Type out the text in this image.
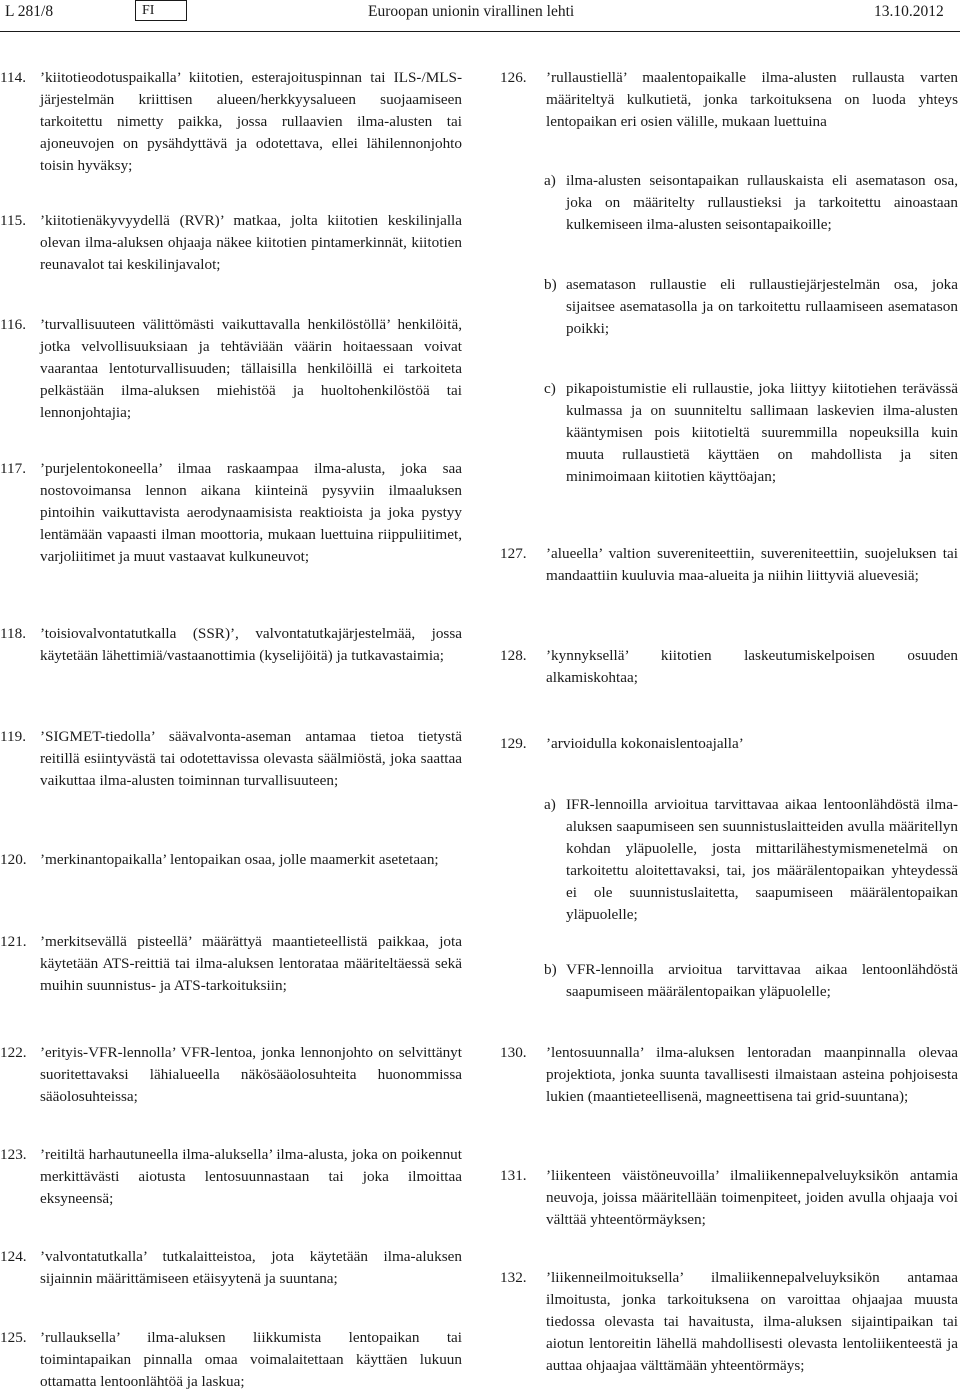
L 281/8	FI	Euroopan unionin virallinen lehti	13.10.2012
114. ’kiitotieodotuspaikalla’ kiitotien, esterajoituspinnan tai ILS-/MLS-järjestelmän kriittisen alueen/herkkyysalueen suojaamiseen tarkoitettu nimetty paikka, jossa rullaavien ilma-alusten tai ajoneuvojen on pysähdyttävä ja odotettava, ellei lähilennonjohto toisin hyväksy;
115. ’kiitotienäkyvyydellä (RVR)’ matkaa, jolta kiitotien keskilinjalla olevan ilma-aluksen ohjaaja näkee kiitotien pintamerkinnät, kiitotien reunavalot tai keskilinjavalot;
116. ’turvallisuuteen välittömästi vaikuttavalla henkilöstöllä’ henkilöitä, jotka velvollisuuksiaan ja tehtäviään väärin hoitaessaan voivat vaarantaa lentoturvallisuuden; tällaisilla henkilöillä ei tarkoiteta pelkästään ilma-aluksen miehistöä ja huoltohenkilöstöä tai lennonjohtajia;
117. ’purjelentokoneella’ ilmaa raskaampaa ilma-alusta, joka saa nostovoimansa lennon aikana kiinteinä pysyviin ilmaaluksen pintoihin vaikuttavista aerodynaamisista reaktioista ja joka pystyy lentämään vapaasti ilman moottoria, mukaan luettuina riippuliitimet, varjoliitimet ja muut vastaavat kulkuneuvot;
118. ’toisiovalvontatutkalla (SSR)’, valvontatutkajärjestelmää, jossa käytetään lähettimiä/vastaanottimia (kyselijöitä) ja tutkavastaimia;
119. ’SIGMET-tiedolla’ säävalvonta-aseman antamaa tietoa tietystä reitillä esiintyvästä tai odotettavissa olevasta säälmiöstä, joka saattaa vaikuttaa ilma-alusten toiminnan turvallisuuteen;
120. ’merkinantopaikalla’ lentopaikan osaa, jolle maamerkit asetetaan;
121. ’merkitsevällä pisteellä’ määrättyä maantieteellistä paikkaa, jota käytetään ATS-reittiä tai ilma-aluksen lentorataa määriteltäessä sekä muihin suunnistus- ja ATS-tarkoituksiin;
122. ’erityis-VFR-lennolla’ VFR-lentoa, jonka lennonjohto on selvittänyt suoritettavaksi lähialueella näkösääolosuhteita huonommissa sääolosuhteissa;
123. ’reitiltä harhautuneella ilma-aluksella’ ilma-alusta, joka on poikennut merkittävästi aiotusta lentosuunnastaan tai joka ilmoittaa eksyneensä;
124. ’valvontatutkalla’ tutkalaitteistoa, jota käytetään ilma-aluksen sijainnin määrittämiseen etäisyytenä ja suuntana;
125. ’rullauksella’ ilma-aluksen liikkumista lentopaikan tai toimintapaikan pinnalla omaa voimalaitettaan käyttäen lukuun ottamatta lentoonlähtöä ja laskua;
126. ’rullaustiellä’ maalentopaikalle ilma-alusten rullausta varten määriteltyä kulkutietä, jonka tarkoituksena on luoda yhteys lentopaikan eri osien välille, mukaan luettuina
a) ilma-alusten seisontapaikan rullauskaista eli asematason osa, joka on määritelty rullaustieksi ja tarkoitettu ainoastaan kulkemiseen ilma-alusten seisontapaikoille;
b) asematason rullaustie eli rullaustiejärjestelmän osa, joka sijaitsee asematasolla ja on tarkoitettu rullaamiseen asematason poikki;
c) pikapoistumistie eli rullaustie, joka liittyy kiitotiehen terävässä kulmassa ja on suunniteltu sallimaan laskevien ilma-alusten kääntymisen pois kiitotieltä suuremmilla nopeuksilla kuin muuta rullaustietä käyttäen on mahdollista ja siten minimoimaan kiitotien käyttöajan;
127. ’alueella’ valtion suvereniteettiin, suvereniteettiin, suojeluksen tai mandaattiin kuuluvia maa-alueita ja niihin liittyviä aluevesiä;
128. ’kynnyksellä’ kiitotien laskeutumiskelpoisen osuuden alkamiskohtaa;
129. ’arvioidulla kokonaislentoajalla’
a) IFR-lennoilla arvioitua tarvittavaa aikaa lentoonlähdöstä ilma-aluksen saapumiseen sen suunnistuslaitteiden avulla määritellyn kohdan yläpuolelle, josta mittarilähestymismenetelmä on tarkoitettu aloitettavaksi, tai, jos määrälentopaikan yhteydessä ei ole suunnistuslaitetta, saapumiseen määrälentopaikan yläpuolelle;
b) VFR-lennoilla arvioitua tarvittavaa aikaa lentoonlähdöstä saapumiseen määrälentopaikan yläpuolelle;
130. ’lentosuunnalla’ ilma-aluksen lentoradan maanpinnalla olevaa projektiota, jonka suunta tavallisesti ilmaistaan asteina pohjoisesta lukien (maantieteellisenä, magneettisena tai grid-suuntana);
131. ’liikenteen väistöneuvoilla’ ilmaliikennepalveluyksikön antamia neuvoja, joissa määritellään toimenpiteet, joiden avulla ohjaaja voi välttää yhteentörmäyksen;
132. ’liikenneilmoituksella’ ilmaliikennepalveluyksikön antamaa ilmoitusta, jonka tarkoituksena on varoittaa ohjaajaa muusta tiedossa olevasta tai havaitusta, ilma-aluksen sijaintipaikan tai aiotun lentoreitin lähellä mahdollisesti olevasta lentoliikenteestä ja auttaa ohjaajaa välttämään yhteentörmäys;
